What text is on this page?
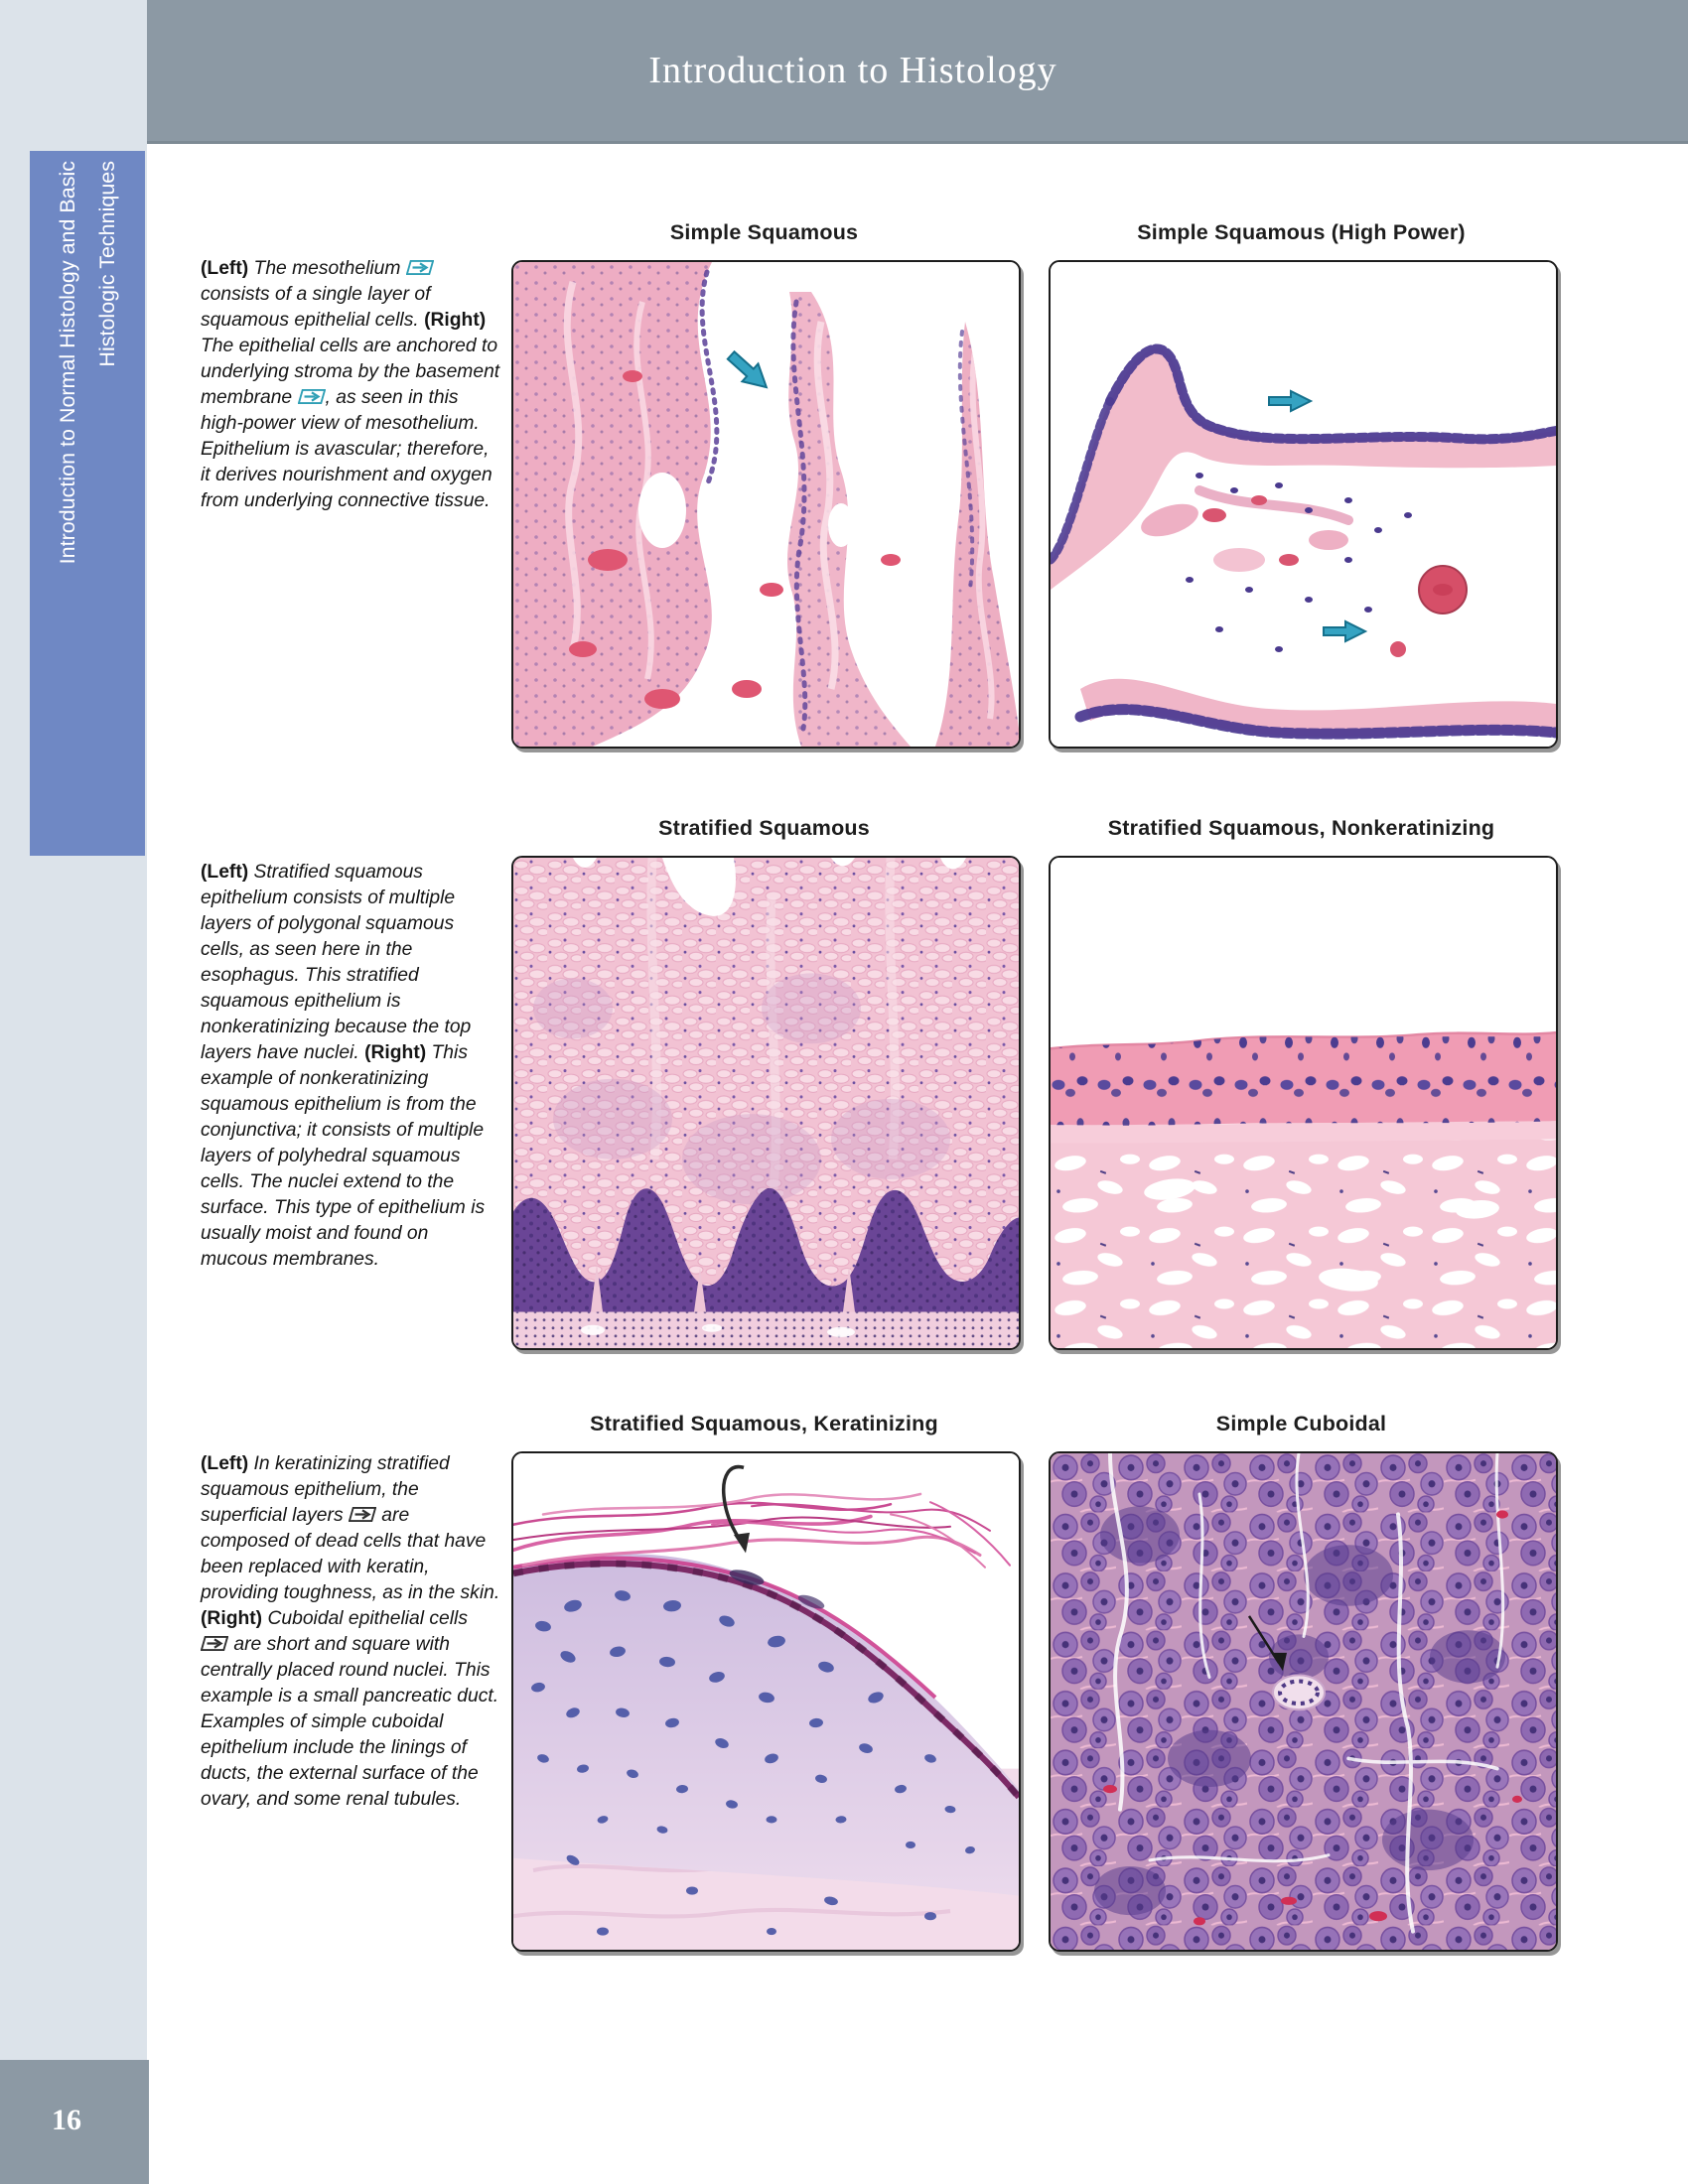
Introduction to Histology
Introduction to Normal Histology and Basic Histologic Techniques
16
Simple Squamous	Simple Squamous (High Power)
(Left) The mesothelium
consists of a single layer of squamous epithelial cells. (Right) The epithelial cells are anchored to underlying stroma by the basement membrane
, as seen in this high-power view of mesothelium. Epithelium is avascular; therefore, it derives nourishment and oxygen from underlying connective tissue.
Stratified Squamous	Stratified Squamous, Nonkeratinizing
(Left) Stratified squamous epithelium consists of multiple layers of polygonal squamous cells, as seen here in the esophagus. This stratified squamous epithelium is nonkeratinizing because the top layers have nuclei. (Right) This example of nonkeratinizing squamous epithelium is from the conjunctiva; it consists of multiple layers of polyhedral squamous cells. The nuclei extend to the surface. This type of epithelium is usually moist and found on mucous membranes.
Stratified Squamous, Keratinizing	Simple Cuboidal
(Left) In keratinizing stratified squamous epithelium, the superficial layers
are composed of dead cells that have been replaced with keratin, providing toughness, as in the skin. (Right) Cuboidal epithelial cells
are short and square with centrally placed round nuclei. This example is a small pancreatic duct. Examples of simple cuboidal epithelium include the linings of ducts, the external surface of the ovary, and some renal tubules.
